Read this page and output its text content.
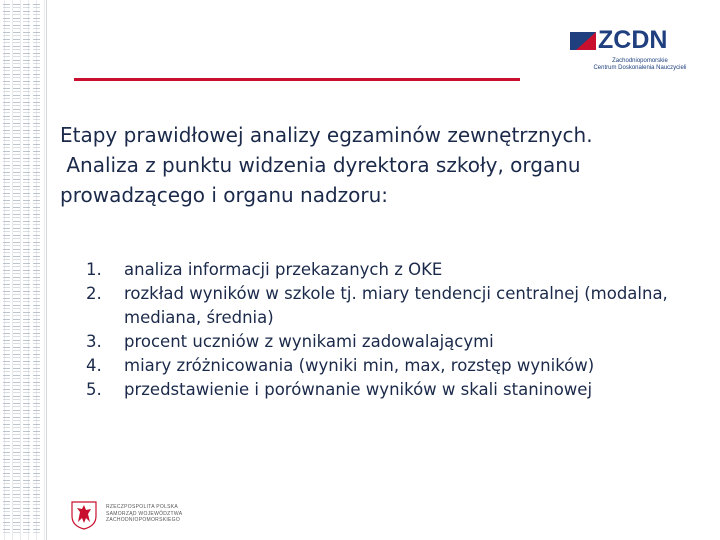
ZCDN
Zachodniopomorskie
Centrum Doskonalenia Nauczycieli
Etapy prawidłowej analizy egzaminów zewnętrznych.
Analiza z punktu widzenia dyrektora szkoły, organu
prowadzącego i organu nadzoru:
1.	analiza informacji przekazanych z OKE
2.	rozkład wyników w szkole tj. miary tendencji centralnej (modalna, mediana, średnia)
3.	procent uczniów z wynikami zadowalającymi
4.	miary zróżnicowania (wyniki min, max, rozstęp wyników)
5.	przedstawienie i porównanie wyników w skali staninowej
RZECZPOSPOLITA POLSKA
SAMORZĄD WOJEWÓDZTWA
ZACHODNIOPOMORSKIEGO
